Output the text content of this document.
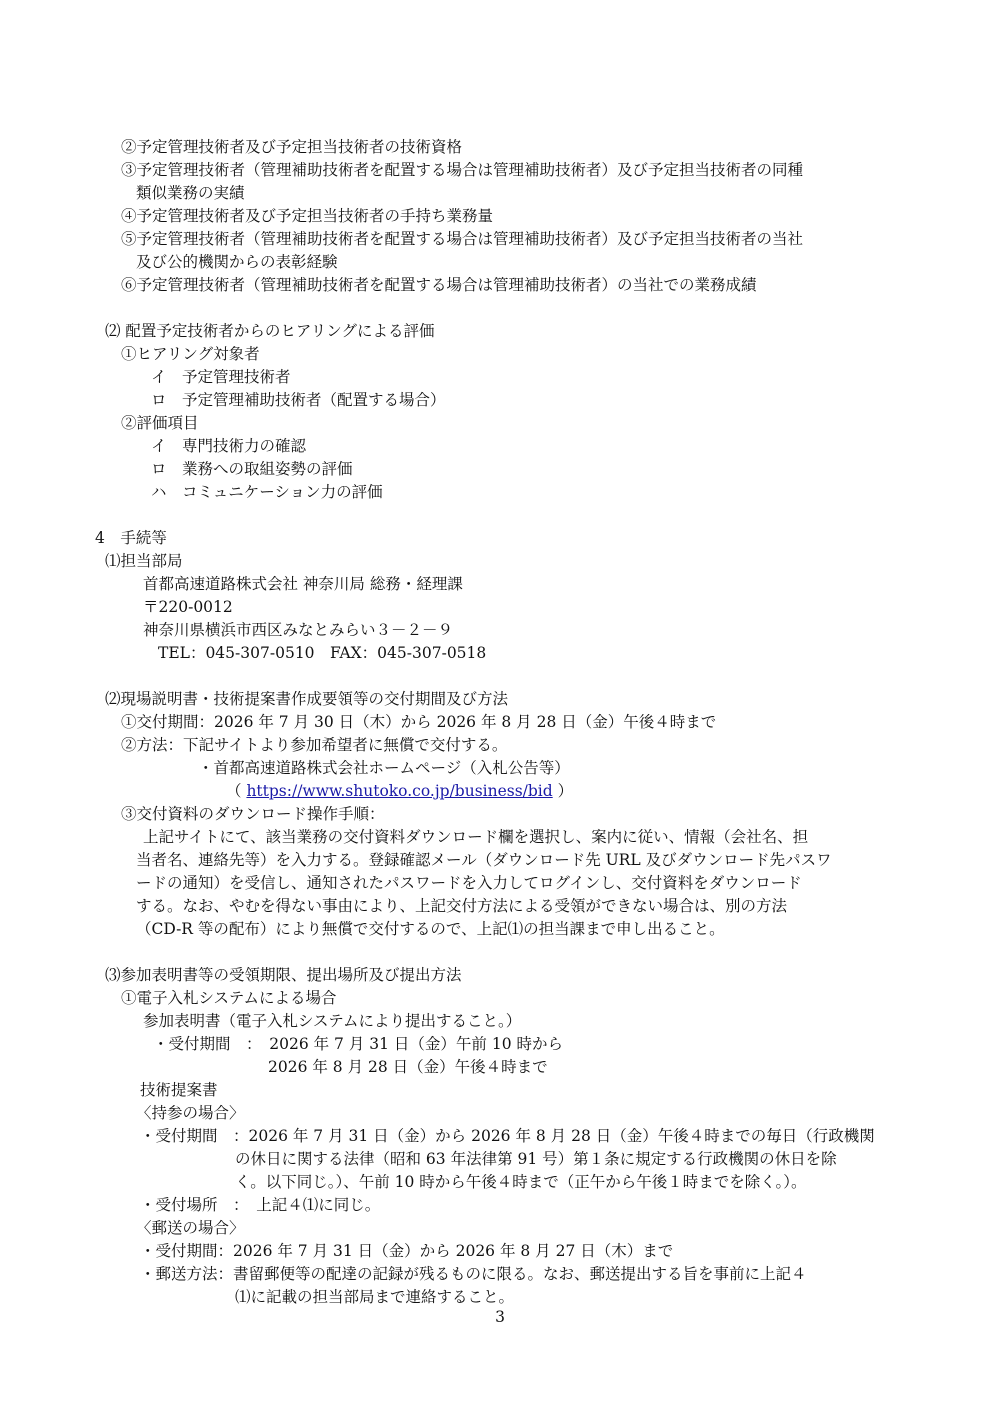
②予定管理技術者及び予定担当技術者の技術資格
③予定管理技術者（管理補助技術者を配置する場合は管理補助技術者）及び予定担当技術者の同種
類似業務の実績
④予定管理技術者及び予定担当技術者の手持ち業務量
⑤予定管理技術者（管理補助技術者を配置する場合は管理補助技術者）及び予定担当技術者の当社
及び公的機関からの表彰経験
⑥予定管理技術者（管理補助技術者を配置する場合は管理補助技術者）の当社での業務成績
⑵ 配置予定技術者からのヒアリングによる評価
①ヒアリング対象者
イ　予定管理技術者
ロ　予定管理補助技術者（配置する場合）
②評価項目
イ　専門技術力の確認
ロ　業務への取組姿勢の評価
ハ　コミュニケーション力の評価
4　手続等
⑴担当部局
首都高速道路株式会社 神奈川局 総務・経理課
〒220-0012
神奈川県横浜市西区みなとみらい３－２－９
TEL：045-307-0510　FAX：045-307-0518
⑵現場説明書・技術提案書作成要領等の交付期間及び方法
①交付期間：2026 年 7 月 30 日（木）から 2026 年 8 月 28 日（金）午後４時まで
②方法：下記サイトより参加希望者に無償で交付する。
・首都高速道路株式会社ホームページ（入札公告等）
（ https://www.shutoko.co.jp/business/bid ）
③交付資料のダウンロード操作手順：
上記サイトにて、該当業務の交付資料ダウンロード欄を選択し、案内に従い、情報（会社名、担
当者名、連絡先等）を入力する。登録確認メール（ダウンロード先 URL 及びダウンロード先パスワ
ードの通知）を受信し、通知されたパスワードを入力してログインし、交付資料をダウンロード
する。なお、やむを得ない事由により、上記交付方法による受領ができない場合は、別の方法
（CD-R 等の配布）により無償で交付するので、上記⑴の担当課まで申し出ること。
⑶参加表明書等の受領期限、提出場所及び提出方法
①電子入札システムによる場合
参加表明書（電子入札システムにより提出すること。）
・受付期間　：　2026 年 7 月 31 日（金）午前 10 時から
2026 年 8 月 28 日（金）午後４時まで
技術提案書
〈持参の場合〉
・受付期間　：2026 年 7 月 31 日（金）から 2026 年 8 月 28 日（金）午後４時までの毎日（行政機関
の休日に関する法律（昭和 63 年法律第 91 号）第１条に規定する行政機関の休日を除
く。以下同じ。）、午前 10 時から午後４時まで（正午から午後１時までを除く。）。
・受付場所　：　上記４⑴に同じ。
〈郵送の場合〉
・受付期間：2026 年 7 月 31 日（金）から 2026 年 8 月 27 日（木）まで
・郵送方法：書留郵便等の配達の記録が残るものに限る。なお、郵送提出する旨を事前に上記４
⑴に記載の担当部局まで連絡すること。
3
